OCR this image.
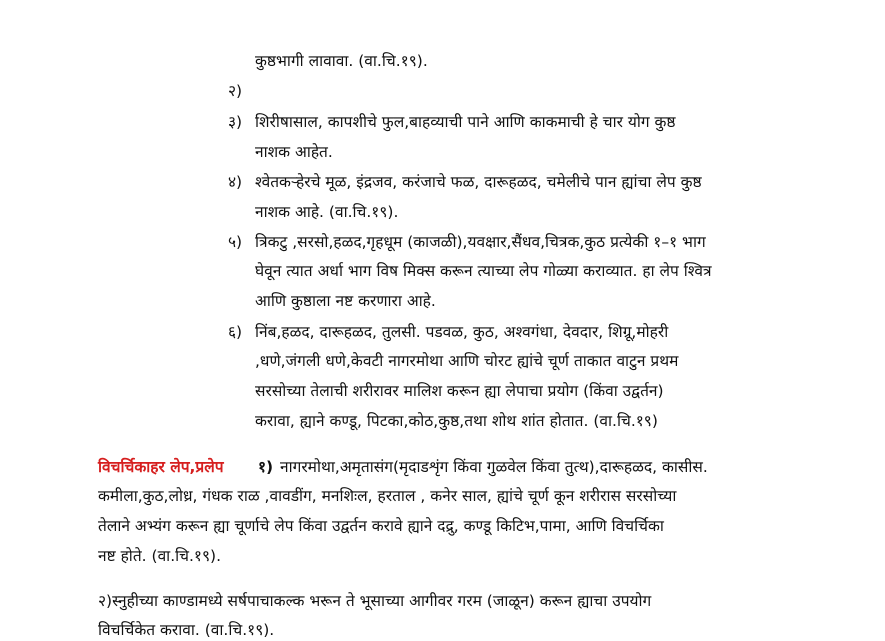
कुष्ठभागी लावावा. (वा.चि.१९).
२)
३) शिरीषासाल, कापशीचे फुल,बाहव्याची पाने आणि काकमाची हे चार योग कुष्ठ
नाशक आहेत.
४) श्वेतकऱ्हेरचे मूळ, इंद्रजव, करंजाचे फळ, दारूहळद, चमेलीचे पान ह्यांचा लेप कुष्ठ
नाशक आहे. (वा.चि.१९).
५) त्रिकटु ,सरसो,हळद,गृहधूम (काजळी),यवक्षार,सैंधव,चित्रक,कुठ प्रत्येकी १–१ भाग
घेवून त्यात अर्धा भाग विष मिक्स करून त्याच्या लेप गोळ्या कराव्यात. हा लेप श्वित्र
आणि कुष्ठाला नष्ट करणारा आहे.
६) निंब,हळद, दारूहळद, तुलसी. पडवळ, कुठ, अश्वगंधा, देवदार, शिग्रू,मोहरी
,धणे,जंगली धणे,केवटी नागरमोथा आणि चोरट ह्यांचे चूर्ण ताकात वाटुन प्रथम
सरसोच्या तेलाची शरीरावर मालिश करून ह्या लेपाचा प्रयोग (किंवा उद्वर्तन)
करावा, ह्याने कण्डू, पिटका,कोठ,कुष्ठ,तथा शोथ शांत होतात. (वा.चि.१९)
विचर्चिकाहर लेप,प्रलेप १) नागरमोथा,अमृतासंग(मृदाडशृंग किंवा गुळवेल किंवा तुत्थ),दारूहळद, कासीस.
कमीला,कुठ,लोध्र, गंधक राळ ,वावडींग, मनशिःल, हरताल , कनेर साल, ह्यांचे चूर्ण कून शरीरास सरसोच्या
तेलाने अभ्यंग करून ह्या चूर्णाचे लेप किंवा उद्वर्तन करावे ह्याने दद्रु, कण्डू किटिभ,पामा, आणि विचर्चिका
नष्ट होते. (वा.चि.१९).
२)स्नुहीच्या काण्डामध्ये सर्षपाचाकल्क भरून ते भूसाच्या आगीवर गरम (जाळून) करून ह्याचा उपयोग
विचर्चिकेत करावा. (वा.चि.१९).
